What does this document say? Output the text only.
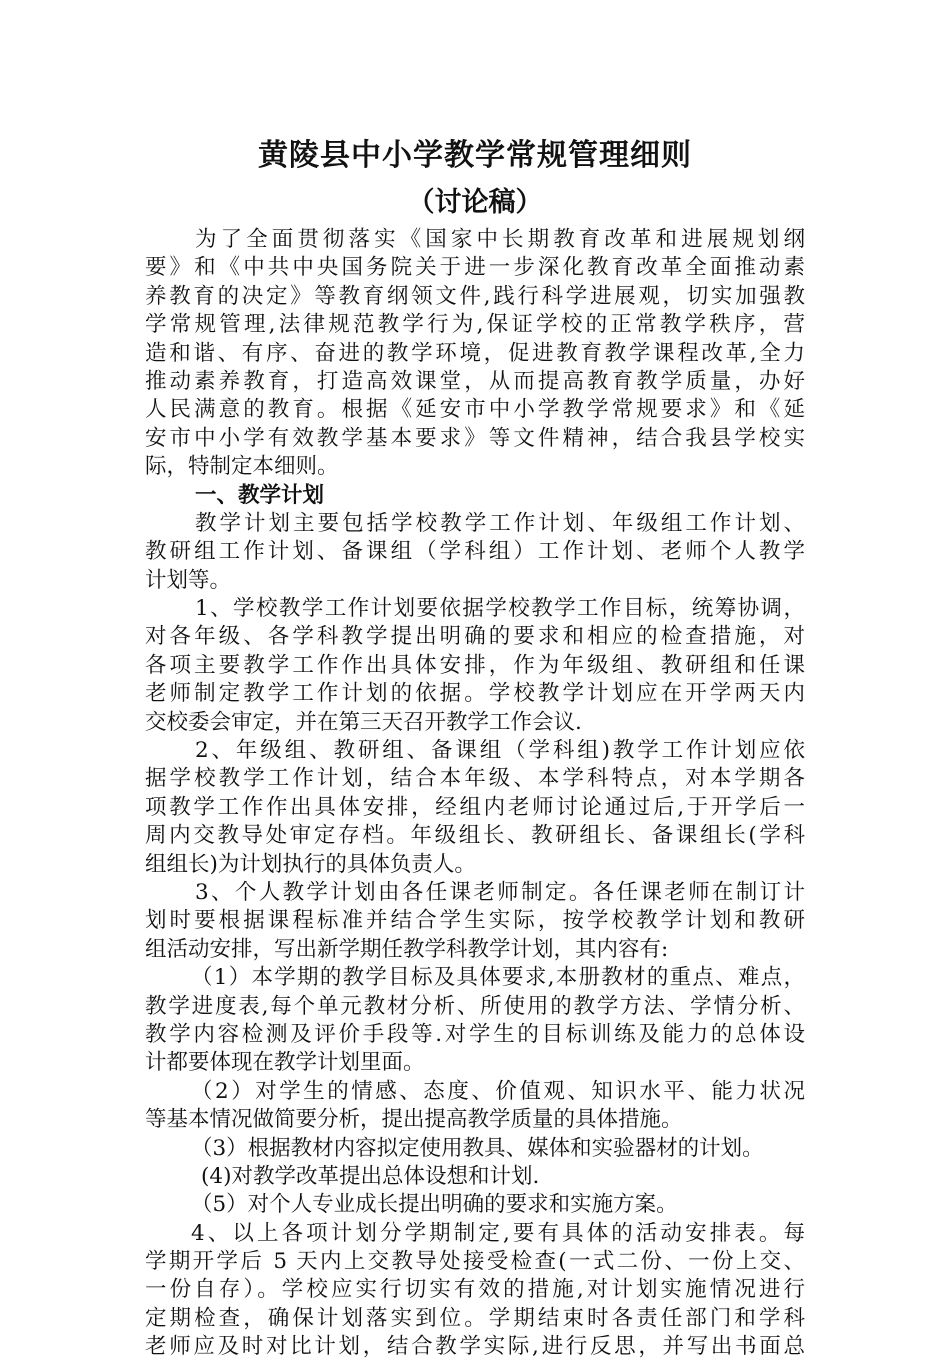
黄陵县中小学教学常规管理细则
（讨论稿）
为了全面贯彻落实《国家中长期教育改革和进展规划纲
要》和《中共中央国务院关于进一步深化教育改革全面推动素
养教育的决定》等教育纲领文件,践行科学进展观，切实加强教
学常规管理,法律规范教学行为,保证学校的正常教学秩序，营
造和谐、有序、奋进的教学环境，促进教育教学课程改革,全力
推动素养教育，打造高效课堂，从而提高教育教学质量，办好
人民满意的教育。根据《延安市中小学教学常规要求》和《延
安市中小学有效教学基本要求》等文件精神，结合我县学校实
际，特制定本细则。
一、教学计划
教学计划主要包括学校教学工作计划、年级组工作计划、
教研组工作计划、备课组（学科组）工作计划、老师个人教学
计划等。
1、学校教学工作计划要依据学校教学工作目标，统筹协调，
对各年级、各学科教学提出明确的要求和相应的检查措施，对
各项主要教学工作作出具体安排，作为年级组、教研组和任课
老师制定教学工作计划的依据。学校教学计划应在开学两天内
交校委会审定，并在第三天召开教学工作会议.
2、年级组、教研组、备课组（学科组)教学工作计划应依
据学校教学工作计划，结合本年级、本学科特点，对本学期各
项教学工作作出具体安排，经组内老师讨论通过后,于开学后一
周内交教导处审定存档。年级组长、教研组长、备课组长(学科
组组长)为计划执行的具体负责人。
3、个人教学计划由各任课老师制定。各任课老师在制订计
划时要根据课程标准并结合学生实际，按学校教学计划和教研
组活动安排，写出新学期任教学科教学计划，其内容有:
（1）本学期的教学目标及具体要求,本册教材的重点、难点，
教学进度表,每个单元教材分析、所使用的教学方法、学情分析、
教学内容检测及评价手段等.对学生的目标训练及能力的总体设
计都要体现在教学计划里面。
（2）对学生的情感、态度、价值观、知识水平、能力状况
等基本情况做简要分析，提出提高教学质量的具体措施。
（3）根据教材内容拟定使用教具、媒体和实验器材的计划。
(4)对教学改革提出总体设想和计划.
（5）对个人专业成长提出明确的要求和实施方案。
4、以上各项计划分学期制定,要有具体的活动安排表。每
学期开学后 5 天内上交教导处接受检查(一式二份、一份上交、
一份自存）。学校应实行切实有效的措施,对计划实施情况进行
定期检查，确保计划落实到位。学期结束时各责任部门和学科
老师应及时对比计划，结合教学实际,进行反思，并写出书面总
